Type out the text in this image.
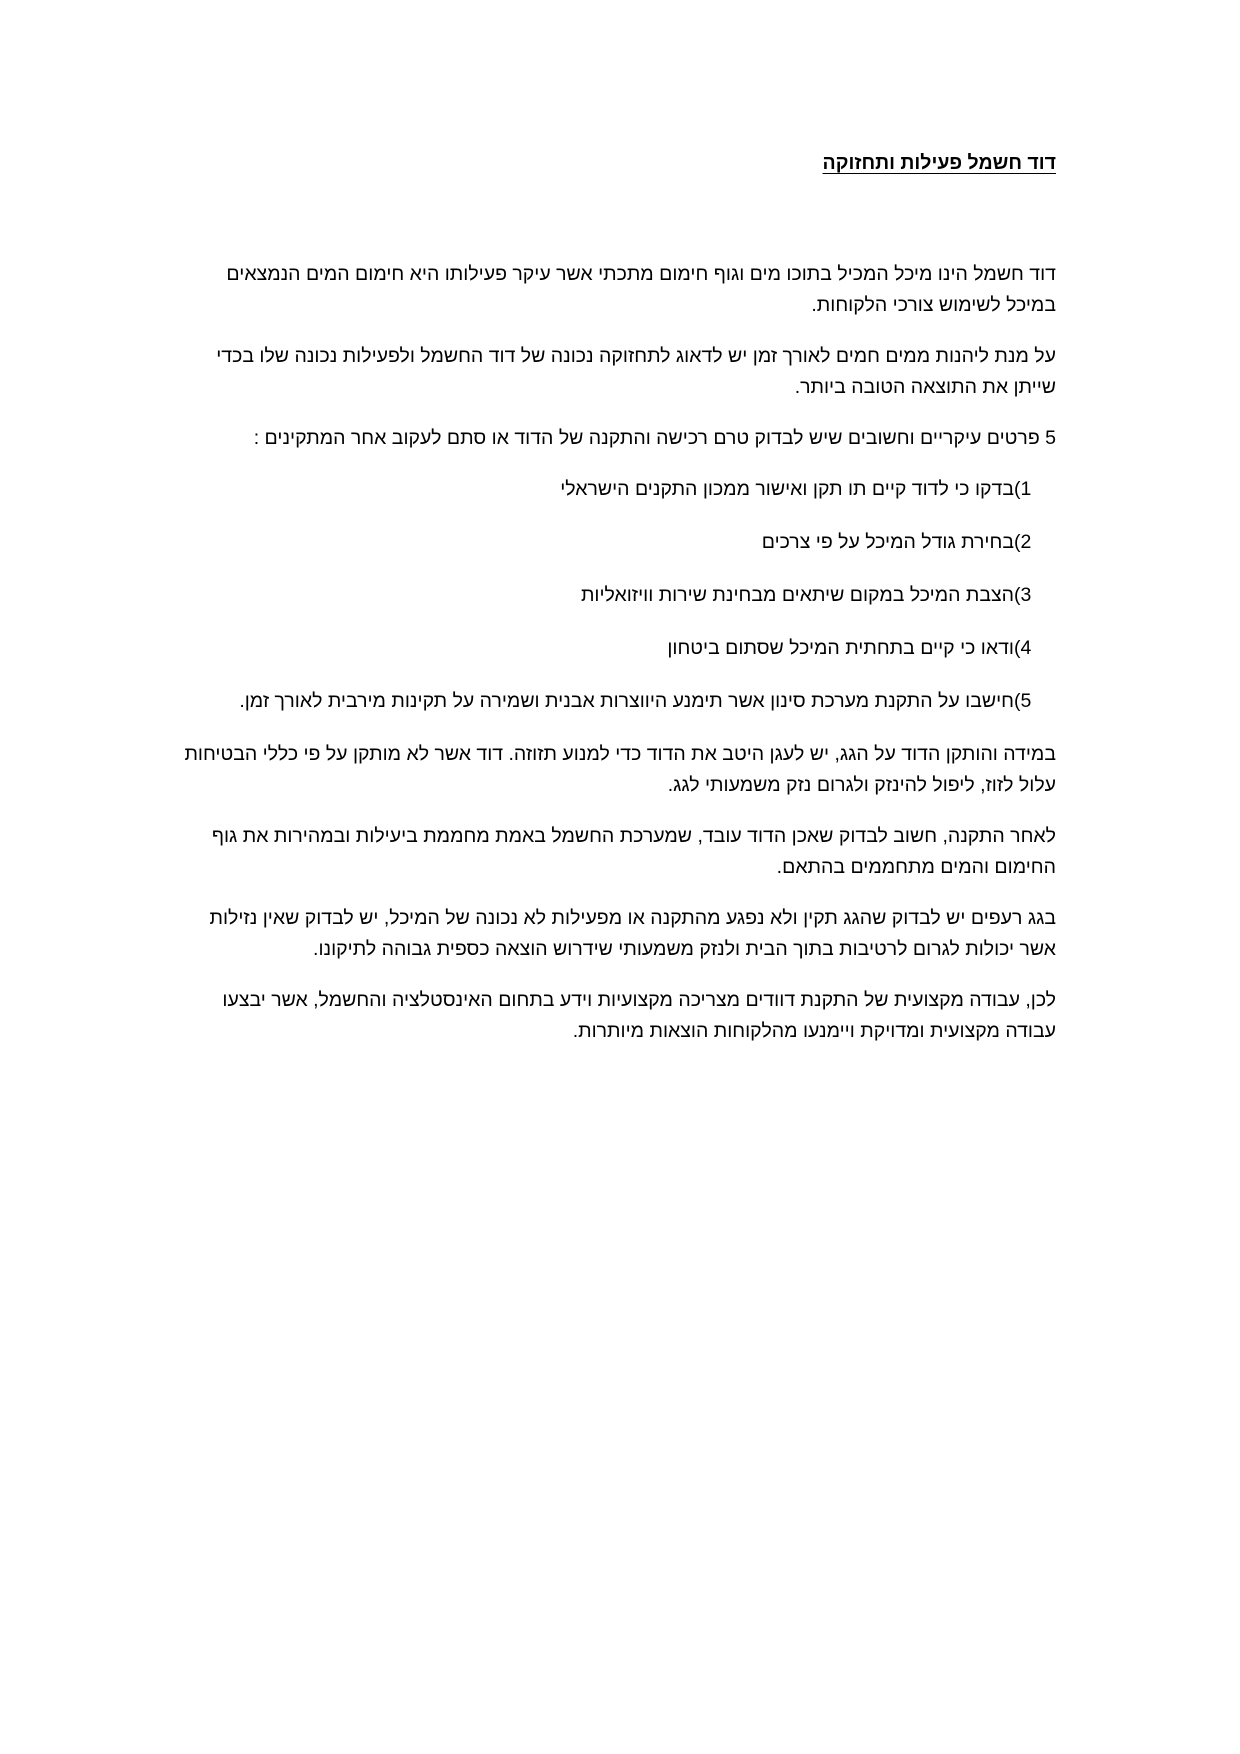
דוד חשמל פעילות ותחזוקה

דוד חשמל הינו מיכל המכיל בתוכו מים וגוף חימום מתכתי אשר עיקר פעילותו היא חימום המים הנמצאים במיכל לשימוש צורכי הלקוחות.

על מנת ליהנות ממים חמים לאורך זמן יש לדאוג לתחזוקה נכונה של דוד החשמל ולפעילות נכונה שלו בכדי שייתן את התוצאה הטובה ביותר.

5 פרטים עיקריים וחשובים שיש לבדוק טרם רכישה והתקנה של הדוד או סתם לעקוב אחר המתקינים :

(1
בדקו כי לדוד קיים תו תקן ואישור ממכון התקנים הישראלי
(2
בחירת גודל המיכל על פי צרכים
(3
הצבת המיכל במקום שיתאים מבחינת שירות וויזואליות
(4
ודאו כי קיים בתחתית המיכל שסתום ביטחון
(5
חישבו על התקנת מערכת סינון אשר תימנע היווצרות אבנית ושמירה על תקינות מירבית לאורך זמן.

במידה והותקן הדוד על הגג, יש לעגן היטב את הדוד כדי למנוע תזוזה. דוד אשר לא מותקן על פי כללי הבטיחות עלול לזוז, ליפול להינזק ולגרום נזק משמעותי לגג.

לאחר התקנה, חשוב לבדוק שאכן הדוד עובד, שמערכת החשמל באמת מחממת ביעילות ובמהירות את גוף החימום והמים מתחממים בהתאם.

בגג רעפים יש לבדוק שהגג תקין ולא נפגע מהתקנה או מפעילות לא נכונה של המיכל, יש לבדוק שאין נזילות אשר יכולות לגרום לרטיבות בתוך הבית ולנזק משמעותי שידרוש הוצאה כספית גבוהה לתיקונו.

לכן, עבודה מקצועית של התקנת דוודים מצריכה מקצועיות וידע בתחום האינסטלציה והחשמל, אשר יבצעו עבודה מקצועית ומדויקת ויימנעו מהלקוחות הוצאות מיותרות.
